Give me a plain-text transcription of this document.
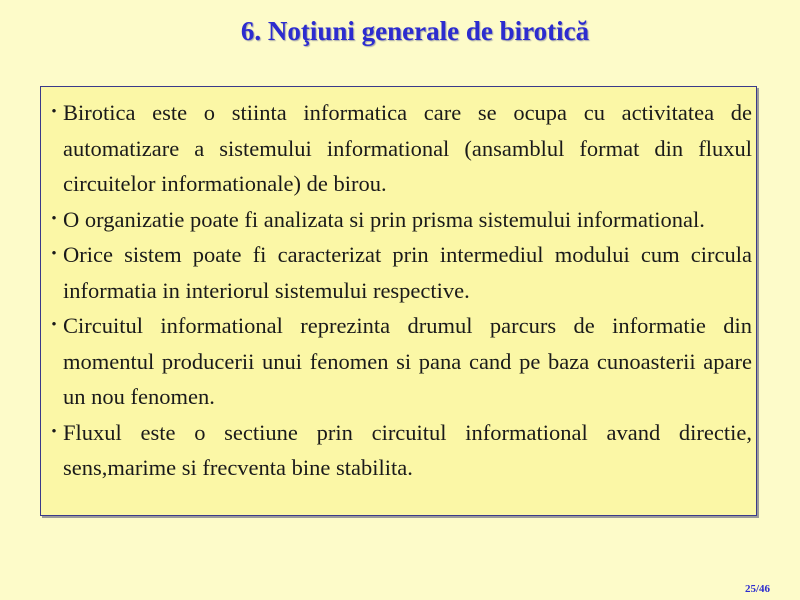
6. Noţiuni generale de birotică
• Birotica este o stiinta informatica care se ocupa cu activitatea de automatizare a sistemului informational (ansamblul format din fluxul circuitelor informationale) de birou.
• O organizatie poate fi analizata si prin prisma sistemului informational.
• Orice sistem poate fi caracterizat prin intermediul modului cum circula informatia in interiorul sistemului respective.
• Circuitul informational reprezinta drumul parcurs de informatie din momentul producerii unui fenomen si pana cand pe baza cunoasterii apare un nou fenomen.
• Fluxul este o sectiune prin circuitul informational avand directie, sens,marime si frecventa bine stabilita.
25/46
